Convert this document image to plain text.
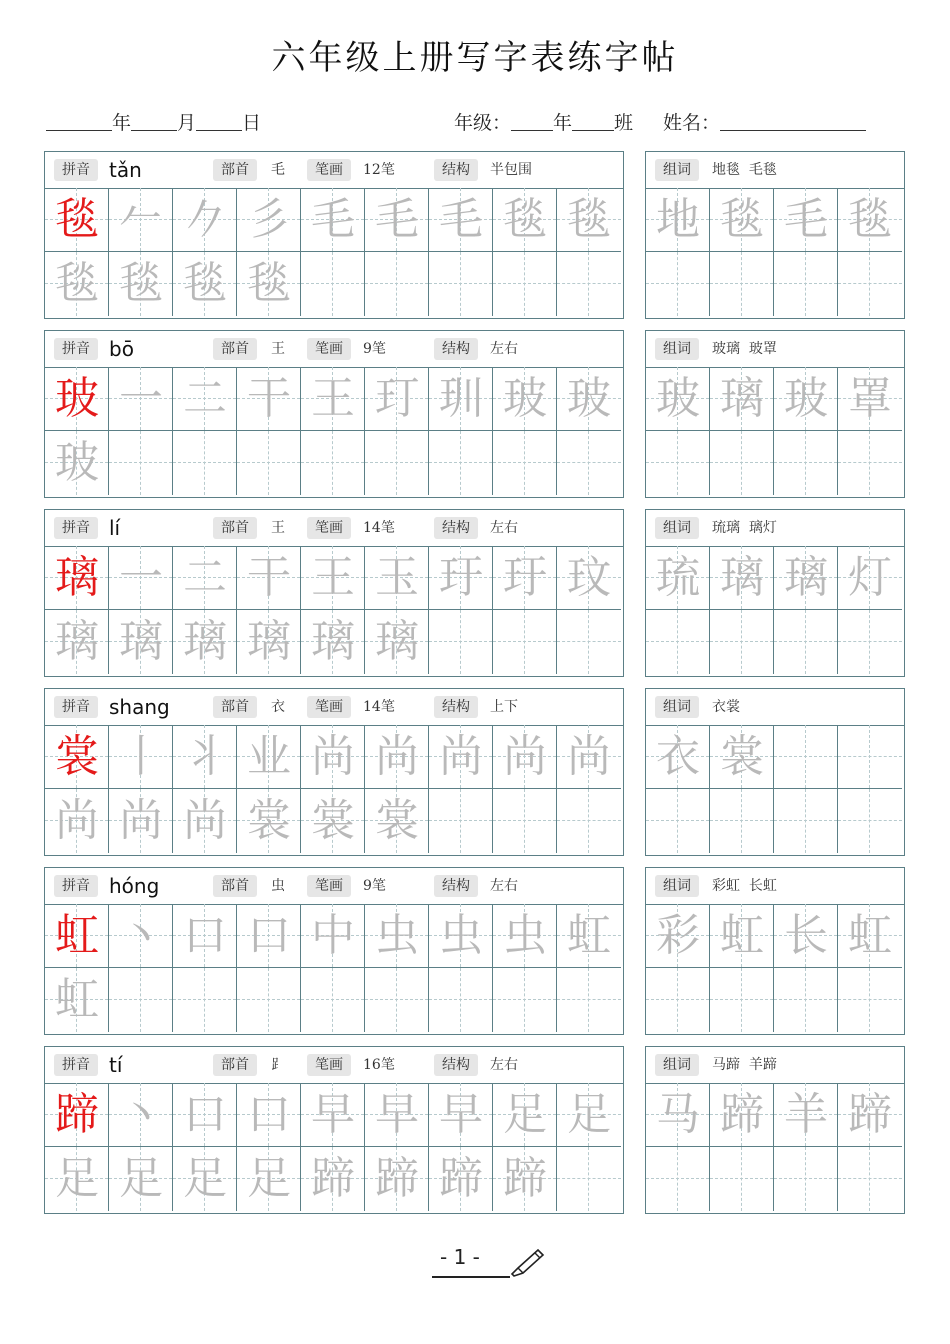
六年级上册写字表练字帖
年 月 日	年级： 年 班 姓名：
拼音 tǎn	部首	毛	笔画	12笔	结构	半包围
毯 𠂉 𠂊 彡 毛 毛 毛 毯 毯
毯 毯 毯 毯
组词	地毯  毛毯
地 毯 毛 毯
拼音 bō	部首	王	笔画	9笔	结构	左右
玻 一 二 干 王 玎 玔 玻 玻
玻
组词	玻璃  玻罩
玻 璃 玻 罩
拼音 lí	部首	王	笔画	14笔	结构	左右
璃 一 二 干 王 玉 玗 玗 玟
璃 璃 璃 璃 璃 璃
组词	琉璃  璃灯
琉 璃 璃 灯
拼音 shang	部首	衣	笔画	14笔	结构	上下
裳 丨 丬 业 尚 尚 尚 尚 尚
尚 尚 尚 裳 裳 裳
组词	衣裳
衣 裳
拼音 hóng	部首	虫	笔画	9笔	结构	左右
虹 丶 口 口 中 虫 虫 虫 虹
虹
组词	彩虹  长虹
彩 虹 长 虹
拼音 tí	部首	⻊	笔画	16笔	结构	左右
蹄 丶 口 口 早 早 早 足 足
足 足 足 足 蹄 蹄 蹄 蹄
组词	马蹄  羊蹄
马 蹄 羊 蹄
- 1 -
